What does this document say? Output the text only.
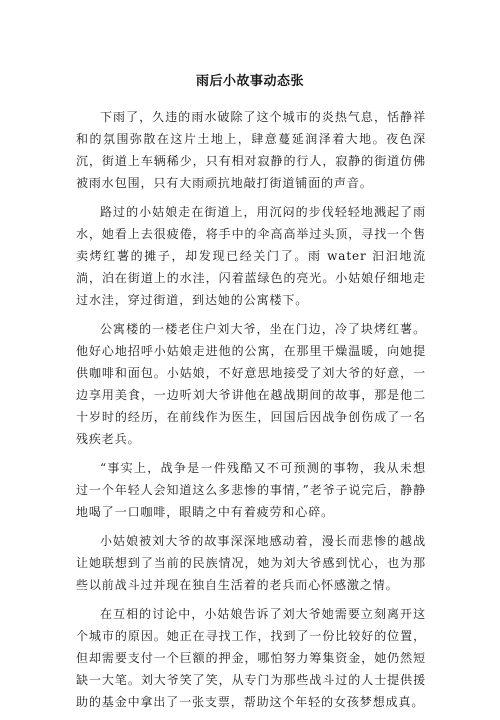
雨后小故事动态张

下雨了，久违的雨水破除了这个城市的炎热气息，恬静祥和的氛围弥散在这片土地上，肆意蔓延润泽着大地。夜色深沉，街道上车辆稀少，只有相对寂静的行人，寂静的街道仿佛被雨水包围，只有大雨顽抗地敲打街道铺面的声音。

路过的小姑娘走在街道上，用沉闷的步伐轻轻地溅起了雨水，她看上去很疲倦，将手中的伞高高举过头顶，寻找一个售卖烤红薯的摊子，却发现已经关门了。雨 water 汩汩地流淌，泊在街道上的水洼，闪着蓝绿色的亮光。小姑娘仔细地走过水洼，穿过街道，到达她的公寓楼下。

公寓楼的一楼老住户刘大爷，坐在门边，冷了块烤红薯。他好心地招呼小姑娘走进他的公寓，在那里干燥温暖，向她提供咖啡和面包。小姑娘，不好意思地接受了刘大爷的好意，一边享用美食，一边听刘大爷讲他在越战期间的故事，那是他二十岁时的经历，在前线作为医生，回国后因战争创伤成了一名残疾老兵。

“事实上，战争是一件残酷又不可预测的事物，我从未想过一个年轻人会知道这么多悲惨的事情，”老爷子说完后，静静地喝了一口咖啡，眼睛之中有着疲劳和心碎。

小姑娘被刘大爷的故事深深地感动着，漫长而悲惨的越战让她联想到了当前的民族情况，她为刘大爷感到忧心，也为那些以前战斗过并现在独自生活着的老兵而心怀感激之情。

在互相的讨论中，小姑娘告诉了刘大爷她需要立刻离开这个城市的原因。她正在寻找工作，找到了一份比较好的位置，但却需要支付一个巨额的押金，哪怕努力筹集资金，她仍然短缺一大笔。刘大爷笑了笑，从专门为那些战斗过的人士提供援助的基金中拿出了一张支票，帮助这个年轻的女孩梦想成真。
